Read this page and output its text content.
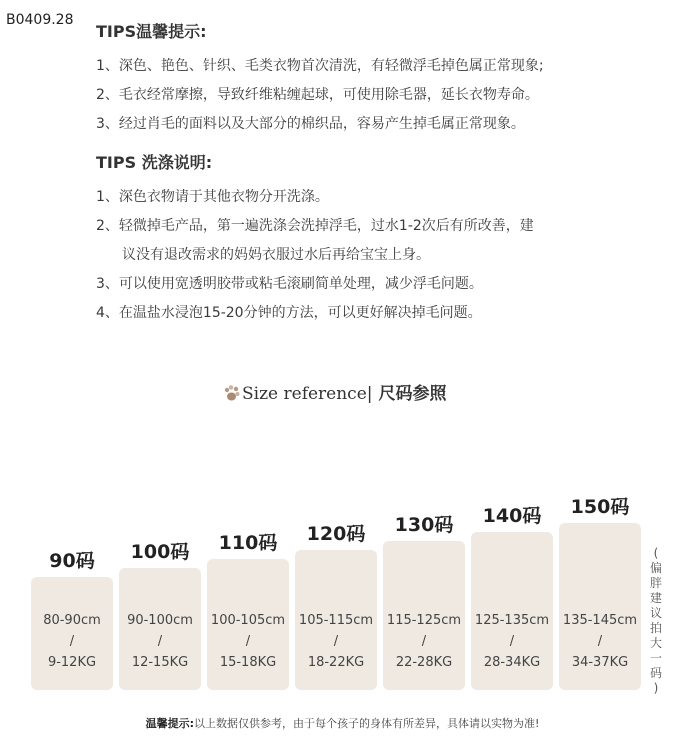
B0409.28
TIPS温馨提示:
1、深色、艳色、针织、毛类衣物首次清洗，有轻微浮毛掉色属正常现象;
2、毛衣经常摩擦，导致纤维粘缠起球，可使用除毛器，延长衣物寿命。
3、经过肖毛的面料以及大部分的棉织品，容易产生掉毛属正常现象。
TIPS 洗涤说明:
1、深色衣物请于其他衣物分开洗涤。
2、轻微掉毛产品，第一遍洗涤会洗掉浮毛，过水1-2次后有所改善，建
议没有退改需求的妈妈衣服过水后再给宝宝上身。
3、可以使用宽透明胶带或粘毛滚刷简单处理，减少浮毛问题。
4、在温盐水浸泡15-20分钟的方法，可以更好解决掉毛问题。
Size reference| 尺码参照
80-90cm
/
9-12KG
90码
90-100cm
/
12-15KG
100码
100-105cm
/
15-18KG
110码
105-115cm
/
18-22KG
120码
115-125cm
/
22-28KG
130码
125-135cm
/
28-34KG
140码
135-145cm
/
34-37KG
150码
(
偏
胖
建
议
拍
大
一
码
)
温馨提示:以上数据仅供参考，由于每个孩子的身体有所差异，具体请以实物为准!
